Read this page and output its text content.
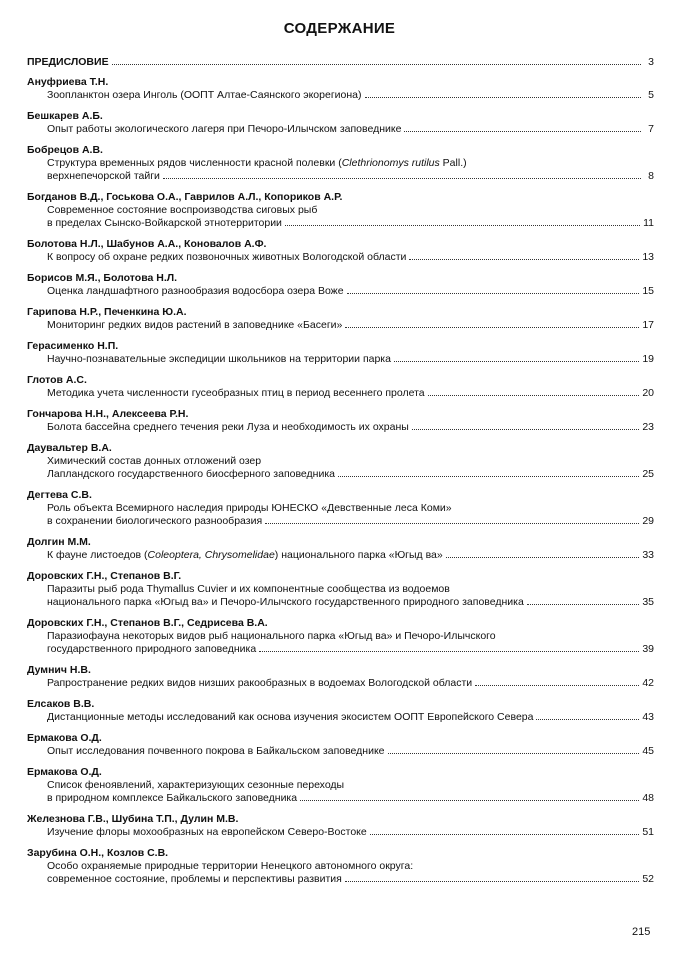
СОДЕРЖАНИЕ
ПРЕДИСЛОВИЕ	3
Ануфриева Т.Н.
Зоопланктон озера Инголь (ООПТ Алтае-Саянского экорегиона)	5
Бешкарев А.Б.
Опыт работы экологического лагеря при Печоро-Илычском заповеднике	7
Бобрецов А.В.
Структура временных рядов численности красной полевки (Clethrionomys rutilus Pall.)
верхнепечорской тайги	8
Богданов В.Д., Госькова О.А., Гаврилов А.Л., Копориков А.Р.
Современное состояние воспроизводства сиговых рыб
в пределах Сынско-Войкарской этнотерритории	11
Болотова Н.Л., Шабунов А.А., Коновалов А.Ф.
К вопросу об охране редких позвоночных животных Вологодской области	13
Борисов М.Я., Болотова Н.Л.
Оценка ландшафтного разнообразия водосбора озера Воже	15
Гарипова Н.Р., Печенкина Ю.А.
Мониторинг редких видов растений в заповеднике «Басеги»	17
Герасименко Н.П.
Научно-познавательные экспедиции школьников на территории парка	19
Глотов А.С.
Методика учета численности гусеобразных птиц в период весеннего пролета	20
Гончарова Н.Н., Алексеева Р.Н.
Болота бассейна среднего течения реки Луза и необходимость их охраны	23
Даувальтер В.А.
Химический состав донных отложений озер
Лапландского государственного биосферного заповедника	25
Дегтева С.В.
Роль объекта Всемирного наследия природы ЮНЕСКО «Девственные леса Коми»
в сохранении биологического разнообразия	29
Долгин М.М.
К фауне листоедов (Coleoptera, Chrysomelidae) национального парка «Югыд ва»	33
Доровских Г.Н., Степанов В.Г.
Паразиты рыб рода Thymallus Cuvier и их компонентные сообщества из водоемов
национального парка «Югыд ва» и Печоро-Илычского государственного природного заповедника	35
Доровских Г.Н., Степанов В.Г., Седрисева В.А.
Паразиофауна некоторых видов рыб национального парка «Югыд ва» и Печоро-Илычского
государственного природного заповедника	39
Думнич Н.В.
Рапространение редких видов низших ракообразных в водоемах Вологодской области	42
Елсаков В.В.
Дистанционные методы исследований как основа изучения экосистем ООПТ Европейского Севера	43
Ермакова О.Д.
Опыт исследования почвенного покрова в Байкальском заповеднике	45
Ермакова О.Д.
Список феноявлений, характеризующих сезонные переходы
в природном комплексе Байкальского заповедника	48
Железнова Г.В., Шубина Т.П., Дулин М.В.
Изучение флоры мохообразных на европейском Северо-Востоке	51
Зарубина О.Н., Козлов С.В.
Особо охраняемые природные территории Ненецкого автономного округа:
современное состояние, проблемы и перспективы развития	52
215
